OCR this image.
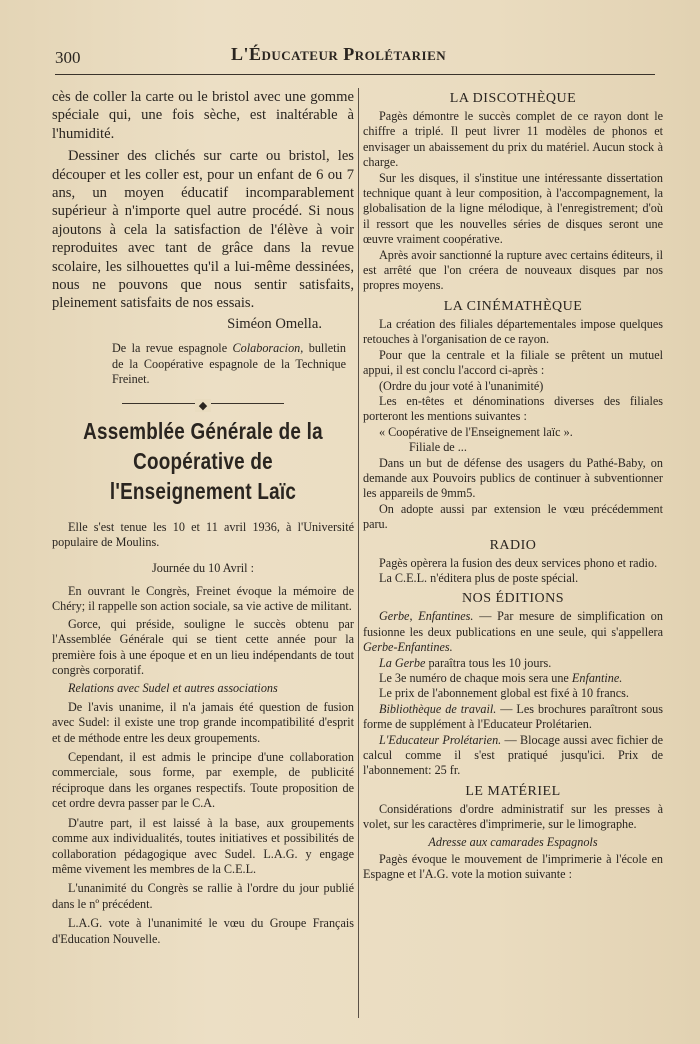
300	L'Éducateur Prolétarien

cès de coller la carte ou le bristol avec une gomme spéciale qui, une fois sèche, est inaltérable à l'humidité.

Dessiner des clichés sur carte ou bristol, les découper et les coller est, pour un enfant de 6 ou 7 ans, un moyen éducatif incomparablement supérieur à n'importe quel autre procédé. Si nous ajoutons à cela la satisfaction de l'élève à voir reproduites avec tant de grâce dans la revue scolaire, les silhouettes qu'il a lui-même dessinées, nous ne pouvons que nous sentir satisfaits, pleinement satisfaits de nos essais.

Siméon Omella.

De la revue espagnole Colaboracion, bulletin de la Coopérative espagnole de la Technique Freinet.

◆
Assemblée Générale de la
Coopérative de l'Enseignement Laïc

Elle s'est tenue les 10 et 11 avril 1936, à l'Université populaire de Moulins.

Journée du 10 Avril :

En ouvrant le Congrès, Freinet évoque la mémoire de Chéry; il rappelle son action sociale, sa vie active de militant.

Gorce, qui préside, souligne le succès obtenu par l'Assemblée Générale qui se tient cette année pour la première fois à une époque et en un lieu indépendants de tout congrès corporatif.

Relations avec Sudel et autres associations

De l'avis unanime, il n'a jamais été question de fusion avec Sudel: il existe une trop grande incompatibilité d'esprit et de méthode entre les deux groupements.

Cependant, il est admis le principe d'une collaboration commerciale, sous forme, par exemple, de publicité réciproque dans les organes respectifs. Toute proposition de cet ordre devra passer par le C.A.

D'autre part, il est laissé à la base, aux groupements comme aux individualités, toutes initiatives et possibilités de collaboration pédagogique avec Sudel. L.A.G. y engage même vivement les membres de la C.E.L.

L'unanimité du Congrès se rallie à l'ordre du jour publié dans le nº précédent.

L.A.G. vote à l'unanimité le vœu du Groupe Français d'Education Nouvelle.

LA DISCOTHÈQUE

Pagès démontre le succès complet de ce rayon dont le chiffre a triplé. Il peut livrer 11 modèles de phonos et envisager un abaissement du prix du matériel. Aucun stock à charge.

Sur les disques, il s'institue une intéressante dissertation technique quant à leur composition, à l'accompagnement, la globalisation de la ligne mélodique, à l'enregistrement; d'où il ressort que les nouvelles séries de disques seront une œuvre vraiment coopérative.

Après avoir sanctionné la rupture avec certains éditeurs, il est arrêté que l'on créera de nouveaux disques par nos propres moyens.

LA CINÉMATHÈQUE

La création des filiales départementales impose quelques retouches à l'organisation de ce rayon.

Pour que la centrale et la filiale se prêtent un mutuel appui, il est conclu l'accord ci-après :

(Ordre du jour voté à l'unanimité)

Les en-têtes et dénominations diverses des filiales porteront les mentions suivantes :

« Coopérative de l'Enseignement laïc ».

Filiale de ...

Dans un but de défense des usagers du Pathé-Baby, on demande aux Pouvoirs publics de continuer à subventionner les appareils de 9mm5.

On adopte aussi par extension le vœu précédemment paru.

RADIO

Pagès opèrera la fusion des deux services phono et radio.

La C.E.L. n'éditera plus de poste spécial.

NOS ÉDITIONS

Gerbe, Enfantines. — Par mesure de simplification on fusionne les deux publications en une seule, qui s'appellera Gerbe-Enfantines.

La Gerbe paraîtra tous les 10 jours.

Le 3e numéro de chaque mois sera une Enfantine.

Le prix de l'abonnement global est fixé à 10 francs.

Bibliothèque de travail. — Les brochures paraîtront sous forme de supplément à l'Educateur Prolétarien.

L'Educateur Prolétarien. — Blocage aussi avec fichier de calcul comme il s'est pratiqué jusqu'ici. Prix de l'abonnement: 25 fr.

LE MATÉRIEL

Considérations d'ordre administratif sur les presses à volet, sur les caractères d'imprimerie, sur le limographe.

Adresse aux camarades Espagnols

Pagès évoque le mouvement de l'imprimerie à l'école en Espagne et l'A.G. vote la motion suivante :
